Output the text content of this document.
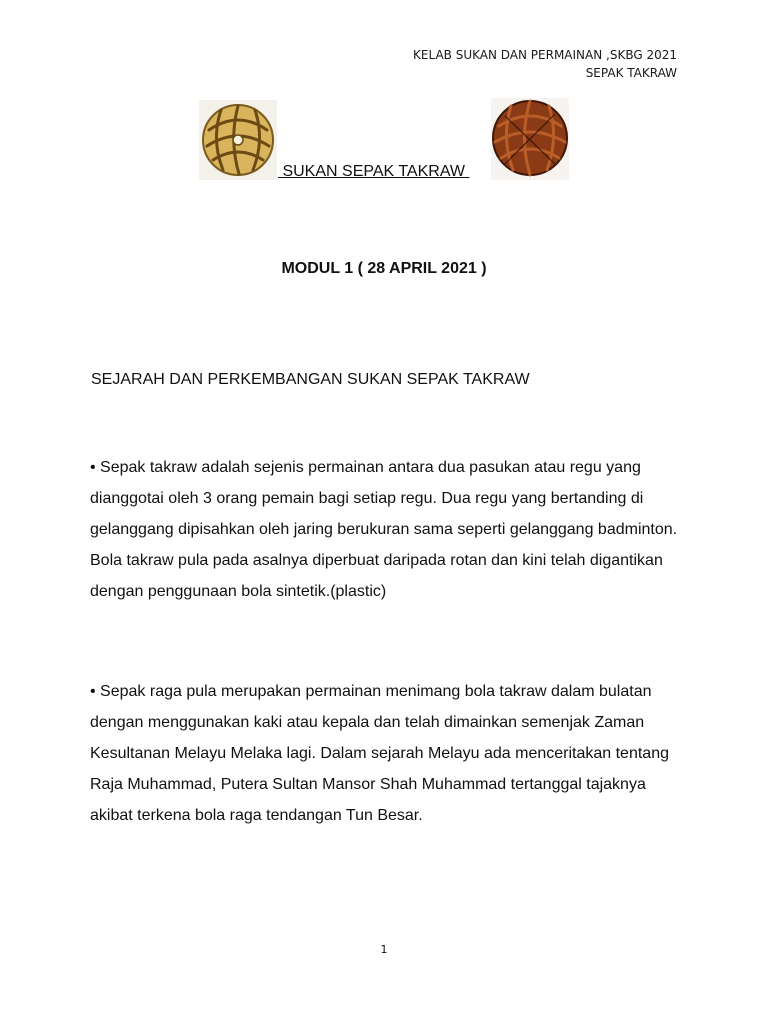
KELAB SUKAN DAN PERMAINAN ,SKBG 2021
SEPAK TAKRAW
SUKAN SEPAK TAKRAW
MODUL 1 ( 28 APRIL 2021 )
SEJARAH DAN PERKEMBANGAN SUKAN SEPAK TAKRAW

• Sepak takraw adalah sejenis permainan antara dua pasukan atau regu yang dianggotai oleh 3 orang pemain bagi setiap regu. Dua regu yang bertanding di gelanggang dipisahkan oleh jaring berukuran sama seperti gelanggang badminton. Bola takraw pula pada asalnya diperbuat daripada rotan dan kini telah digantikan dengan penggunaan bola sintetik.(plastic)

• Sepak raga pula merupakan permainan menimang bola takraw dalam bulatan dengan menggunakan kaki atau kepala dan telah dimainkan semenjak Zaman Kesultanan Melayu Melaka lagi. Dalam sejarah Melayu ada menceritakan tentang Raja Muhammad, Putera Sultan Mansor Shah Muhammad tertanggal tajaknya akibat terkena bola raga tendangan Tun Besar.

1
